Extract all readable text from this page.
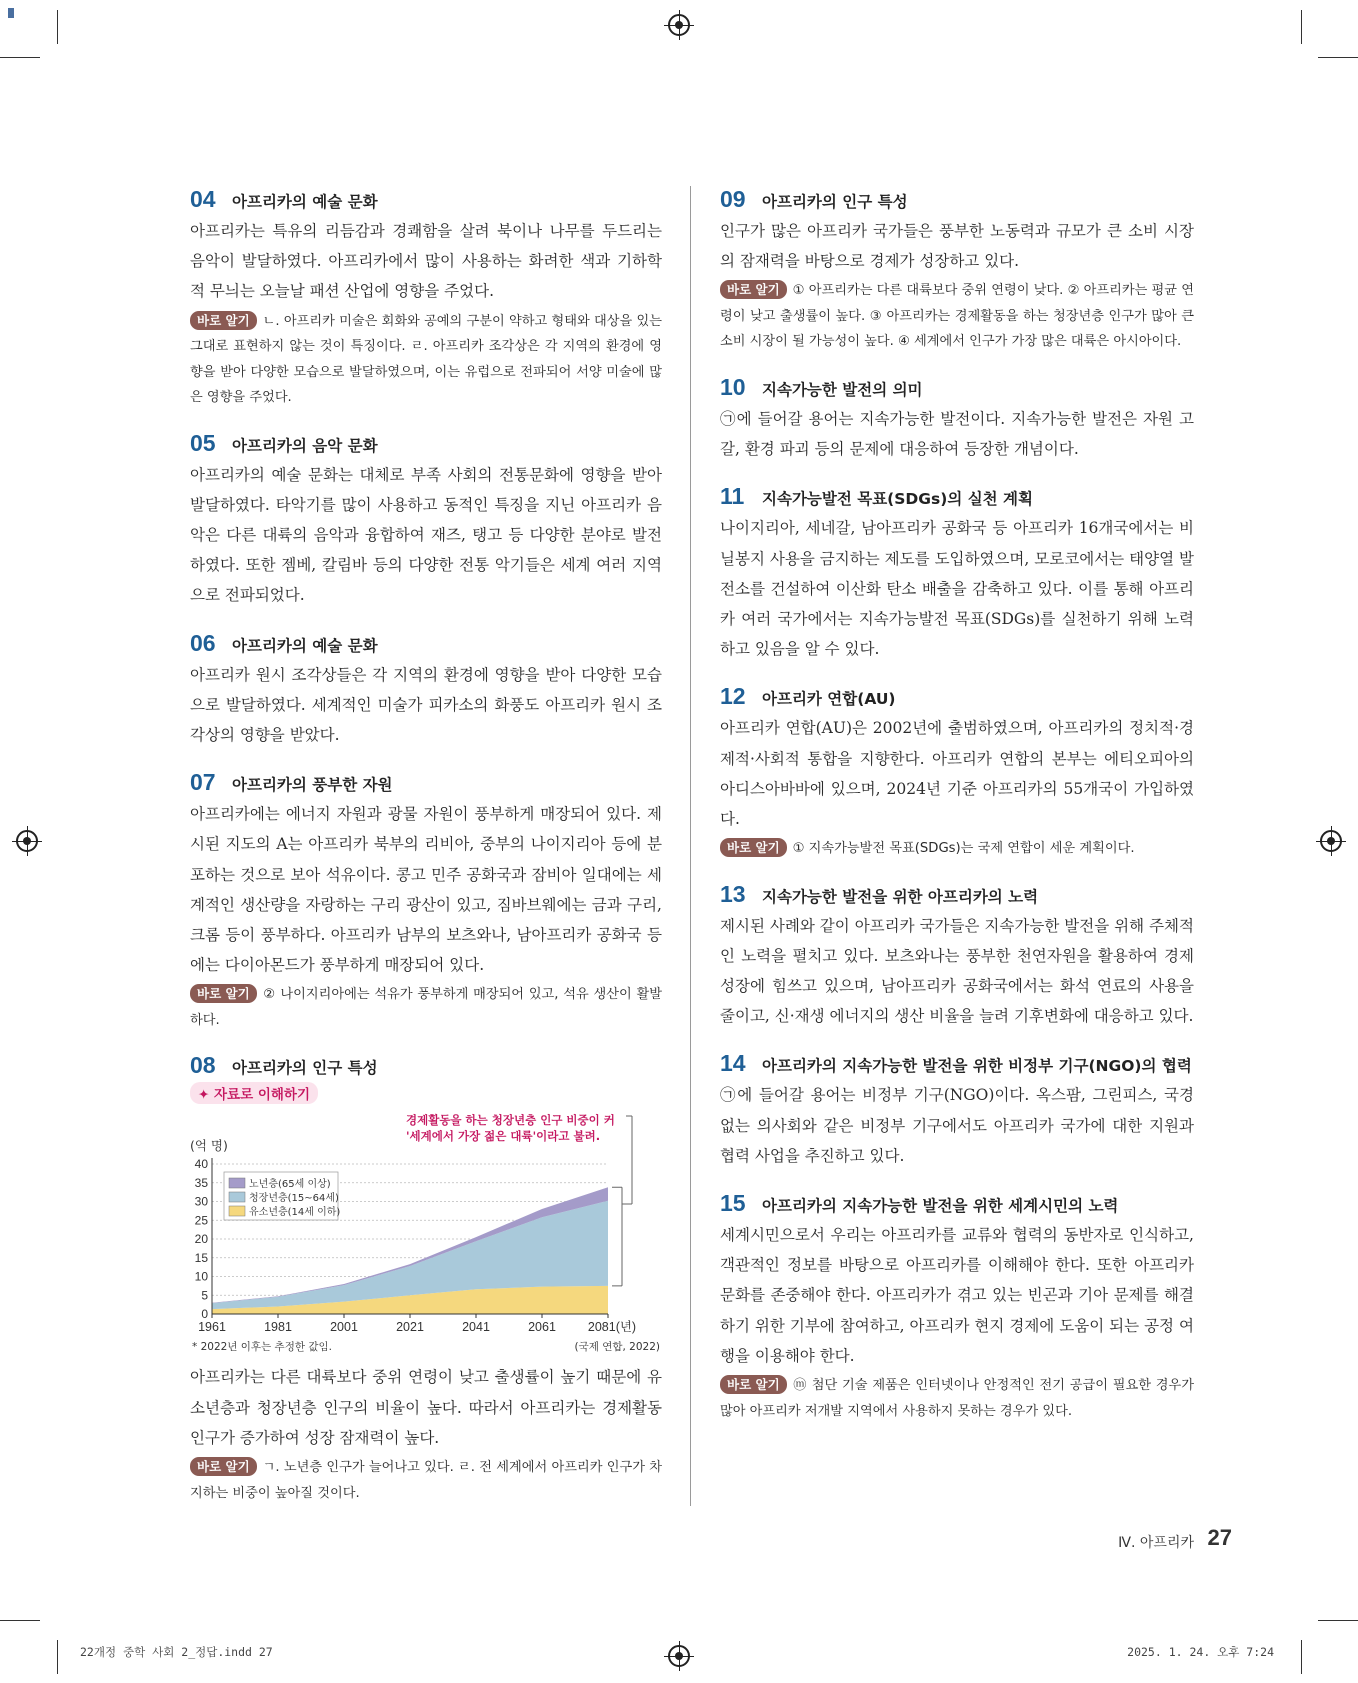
04	아프리카의 예술 문화

아프리카는 특유의 리듬감과 경쾌함을 살려 북이나 나무를 두드리는 음악이 발달하였다. 아프리카에서 많이 사용하는 화려한 색과 기하학적 무늬는 오늘날 패션 산업에 영향을 주었다.

바로 알기 ㄴ. 아프리카 미술은 회화와 공예의 구분이 약하고 형태와 대상을 있는 그대로 표현하지 않는 것이 특징이다. ㄹ. 아프리카 조각상은 각 지역의 환경에 영향을 받아 다양한 모습으로 발달하였으며, 이는 유럽으로 전파되어 서양 미술에 많은 영향을 주었다.

05	아프리카의 음악 문화

아프리카의 예술 문화는 대체로 부족 사회의 전통문화에 영향을 받아 발달하였다. 타악기를 많이 사용하고 동적인 특징을 지닌 아프리카 음악은 다른 대륙의 음악과 융합하여 재즈, 탱고 등 다양한 분야로 발전하였다. 또한 젬베, 칼림바 등의 다양한 전통 악기들은 세계 여러 지역으로 전파되었다.

06	아프리카의 예술 문화

아프리카 원시 조각상들은 각 지역의 환경에 영향을 받아 다양한 모습으로 발달하였다. 세계적인 미술가 피카소의 화풍도 아프리카 원시 조각상의 영향을 받았다.

07	아프리카의 풍부한 자원

아프리카에는 에너지 자원과 광물 자원이 풍부하게 매장되어 있다. 제시된 지도의 A는 아프리카 북부의 리비아, 중부의 나이지리아 등에 분포하는 것으로 보아 석유이다. 콩고 민주 공화국과 잠비아 일대에는 세계적인 생산량을 자랑하는 구리 광산이 있고, 짐바브웨에는 금과 구리, 크롬 등이 풍부하다. 아프리카 남부의 보츠와나, 남아프리카 공화국 등에는 다이아몬드가 풍부하게 매장되어 있다.

바로 알기 ② 나이지리아에는 석유가 풍부하게 매장되어 있고, 석유 생산이 활발하다.

08	아프리카의 인구 특성
✦ 자료로 이해하기
0
5
10
15
20
25
30
35
40
1961	1981	2001	2021	2041	2061	2081(년)
(억 명)
노년층(65세 이상)
청장년층(15~64세)
유소년층(14세 이하)
경제활동을 하는 청장년층 인구 비중이 커
'세계에서 가장 젊은 대륙'이라고 불려.
* 2022년 이후는 추정한 값임.	(국제 연합, 2022)

아프리카는 다른 대륙보다 중위 연령이 낮고 출생률이 높기 때문에 유소년층과 청장년층 인구의 비율이 높다. 따라서 아프리카는 경제활동 인구가 증가하여 성장 잠재력이 높다.

바로 알기 ㄱ. 노년층 인구가 늘어나고 있다. ㄹ. 전 세계에서 아프리카 인구가 차지하는 비중이 높아질 것이다.

09	아프리카의 인구 특성

인구가 많은 아프리카 국가들은 풍부한 노동력과 규모가 큰 소비 시장의 잠재력을 바탕으로 경제가 성장하고 있다.

바로 알기 ① 아프리카는 다른 대륙보다 중위 연령이 낮다. ② 아프리카는 평균 연령이 낮고 출생률이 높다. ③ 아프리카는 경제활동을 하는 청장년층 인구가 많아 큰 소비 시장이 될 가능성이 높다. ④ 세계에서 인구가 가장 많은 대륙은 아시아이다.

10	지속가능한 발전의 의미

㉠에 들어갈 용어는 지속가능한 발전이다. 지속가능한 발전은 자원 고갈, 환경 파괴 등의 문제에 대응하여 등장한 개념이다.

11	지속가능발전 목표(SDGs)의 실천 계획

나이지리아, 세네갈, 남아프리카 공화국 등 아프리카 16개국에서는 비닐봉지 사용을 금지하는 제도를 도입하였으며, 모로코에서는 태양열 발전소를 건설하여 이산화 탄소 배출을 감축하고 있다. 이를 통해 아프리카 여러 국가에서는 지속가능발전 목표(SDGs)를 실천하기 위해 노력하고 있음을 알 수 있다.

12	아프리카 연합(AU)

아프리카 연합(AU)은 2002년에 출범하였으며, 아프리카의 정치적·경제적·사회적 통합을 지향한다. 아프리카 연합의 본부는 에티오피아의 아디스아바바에 있으며, 2024년 기준 아프리카의 55개국이 가입하였다.

바로 알기 ① 지속가능발전 목표(SDGs)는 국제 연합이 세운 계획이다.

13	지속가능한 발전을 위한 아프리카의 노력

제시된 사례와 같이 아프리카 국가들은 지속가능한 발전을 위해 주체적인 노력을 펼치고 있다. 보츠와나는 풍부한 천연자원을 활용하여 경제 성장에 힘쓰고 있으며, 남아프리카 공화국에서는 화석 연료의 사용을 줄이고, 신·재생 에너지의 생산 비율을 늘려 기후변화에 대응하고 있다.

14	아프리카의 지속가능한 발전을 위한 비정부 기구(NGO)의 협력

㉠에 들어갈 용어는 비정부 기구(NGO)이다. 옥스팜, 그린피스, 국경 없는 의사회와 같은 비정부 기구에서도 아프리카 국가에 대한 지원과 협력 사업을 추진하고 있다.

15	아프리카의 지속가능한 발전을 위한 세계시민의 노력

세계시민으로서 우리는 아프리카를 교류와 협력의 동반자로 인식하고, 객관적인 정보를 바탕으로 아프리카를 이해해야 한다. 또한 아프리카 문화를 존중해야 한다. 아프리카가 겪고 있는 빈곤과 기아 문제를 해결하기 위한 기부에 참여하고, 아프리카 현지 경제에 도움이 되는 공정 여행을 이용해야 한다.

바로 알기 ⓜ 첨단 기술 제품은 인터넷이나 안정적인 전기 공급이 필요한 경우가 많아 아프리카 저개발 지역에서 사용하지 못하는 경우가 있다.

Ⅳ. 아프리카 27
22개정 중학 사회 2_정답.indd 27	2025. 1. 24. 오후 7:24
